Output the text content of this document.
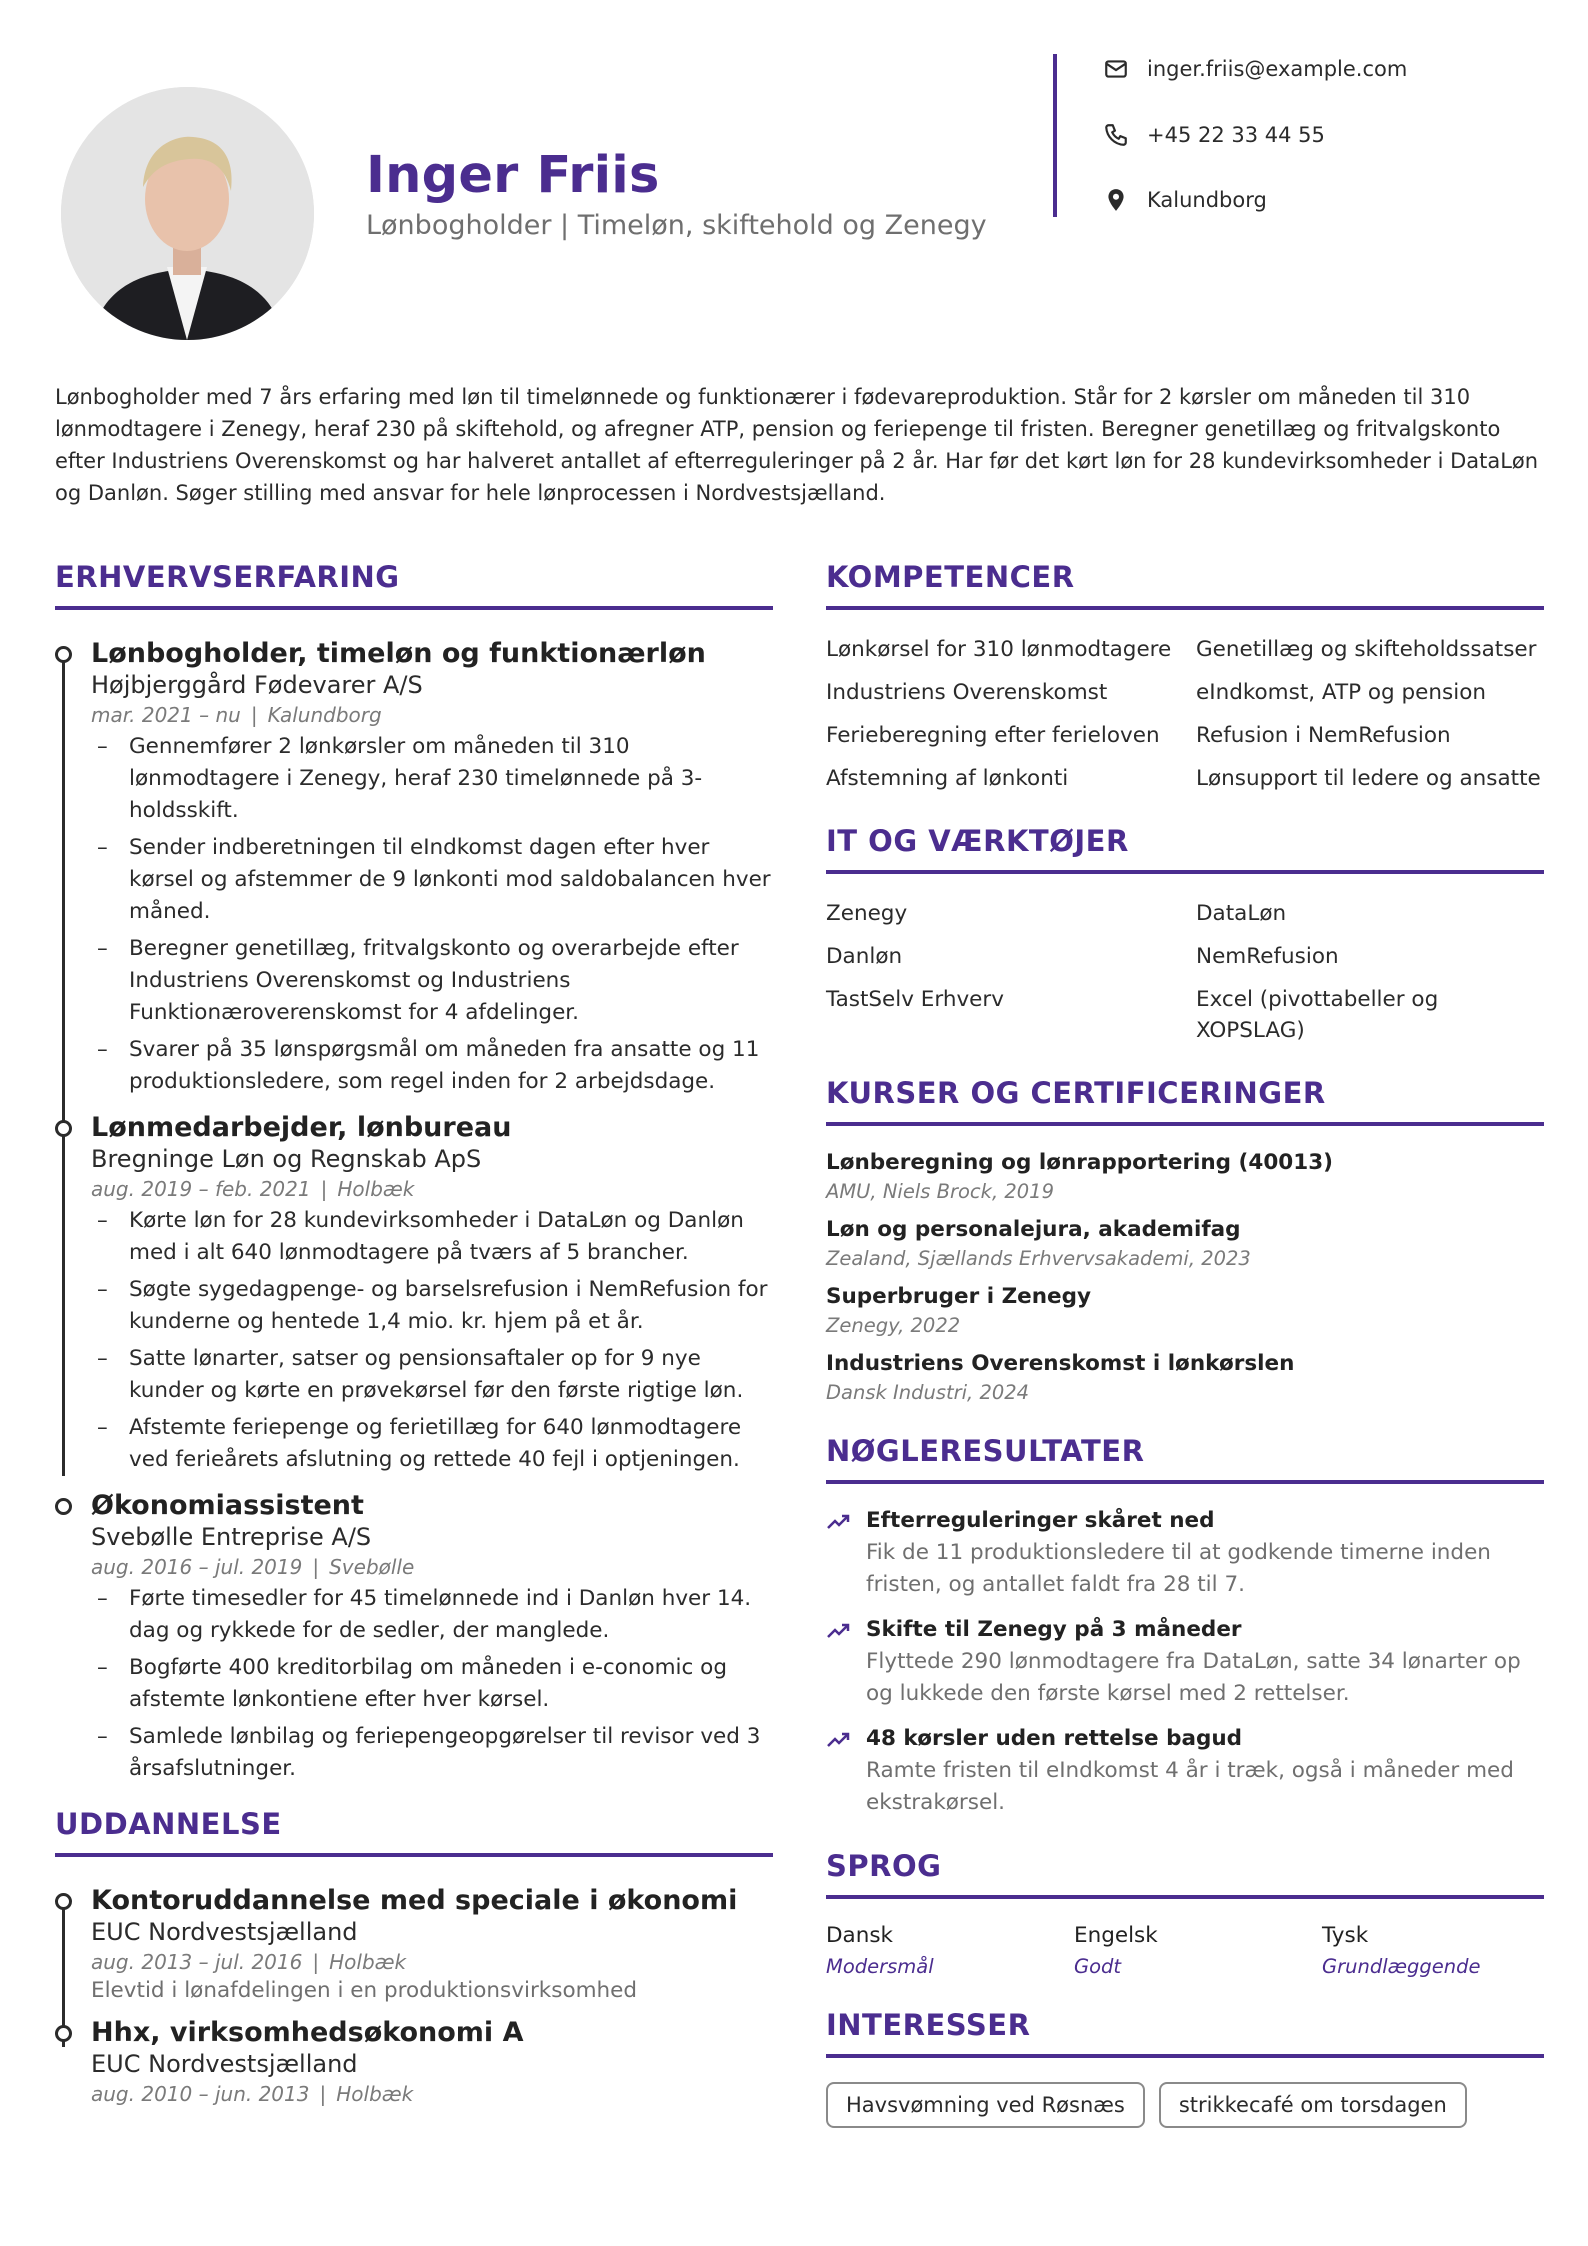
Inger Friis
Lønbogholder | Timeløn, skiftehold og Zenegy
inger.friis@example.com
+45 22 33 44 55
Kalundborg
Lønbogholder med 7 års erfaring med løn til timelønnede og funktionærer i fødevareproduktion. Står for 2 kørsler om måneden til 310 lønmodtagere i Zenegy, heraf 230 på skiftehold, og afregner ATP, pension og feriepenge til fristen. Beregner genetillæg og fritvalgskonto efter Industriens Overenskomst og har halveret antallet af efterreguleringer på 2 år. Har før det kørt løn for 28 kundevirksomheder i DataLøn og Danløn. Søger stilling med ansvar for hele lønprocessen i Nordvestsjælland.
ERHVERVSERFARING
Lønbogholder, timeløn og funktionærløn
Højbjerggård Fødevarer A/S
mar. 2021 – nu | Kalundborg
– Gennemfører 2 lønkørsler om måneden til 310 lønmodtagere i Zenegy, heraf 230 timelønnede på 3-holdsskift.
– Sender indberetningen til eIndkomst dagen efter hver kørsel og afstemmer de 9 lønkonti mod saldobalancen hver måned.
– Beregner genetillæg, fritvalgskonto og overarbejde efter Industriens Overenskomst og Industriens Funktionæroverenskomst for 4 afdelinger.
– Svarer på 35 lønspørgsmål om måneden fra ansatte og 11 produktionsledere, som regel inden for 2 arbejdsdage.
Lønmedarbejder, lønbureau
Bregninge Løn og Regnskab ApS
aug. 2019 – feb. 2021 | Holbæk
– Kørte løn for 28 kundevirksomheder i DataLøn og Danløn med i alt 640 lønmodtagere på tværs af 5 brancher.
– Søgte sygedagpenge- og barselsrefusion i NemRefusion for kunderne og hentede 1,4 mio. kr. hjem på et år.
– Satte lønarter, satser og pensionsaftaler op for 9 nye kunder og kørte en prøvekørsel før den første rigtige løn.
– Afstemte feriepenge og ferietillæg for 640 lønmodtagere ved ferieårets afslutning og rettede 40 fejl i optjeningen.
Økonomiassistent
Svebølle Entreprise A/S
aug. 2016 – jul. 2019 | Svebølle
– Førte timesedler for 45 timelønnede ind i Danløn hver 14. dag og rykkede for de sedler, der manglede.
– Bogførte 400 kreditorbilag om måneden i e-conomic og afstemte lønkontiene efter hver kørsel.
– Samlede lønbilag og feriepengeopgørelser til revisor ved 3 årsafslutninger.
UDDANNELSE
Kontoruddannelse med speciale i økonomi
EUC Nordvestsjælland
aug. 2013 – jul. 2016 | Holbæk
Elevtid i lønafdelingen i en produktionsvirksomhed
Hhx, virksomhedsøkonomi A
EUC Nordvestsjælland
aug. 2010 – jun. 2013 | Holbæk
KOMPETENCER
Lønkørsel for 310 lønmodtagere	Genetillæg og skifteholdssatser
Industriens Overenskomst	eIndkomst, ATP og pension
Ferieberegning efter ferieloven	Refusion i NemRefusion
Afstemning af lønkonti	Lønsupport til ledere og ansatte
IT OG VÆRKTØJER
Zenegy	DataLøn
Danløn	NemRefusion
TastSelv Erhverv	Excel (pivottabeller og XOPSLAG)
KURSER OG CERTIFICERINGER
Lønberegning og lønrapportering (40013)
AMU, Niels Brock, 2019
Løn og personalejura, akademifag
Zealand, Sjællands Erhvervsakademi, 2023
Superbruger i Zenegy
Zenegy, 2022
Industriens Overenskomst i lønkørslen
Dansk Industri, 2024
NØGLERESULTATER
Efterreguleringer skåret ned
Fik de 11 produktionsledere til at godkende timerne inden fristen, og antallet faldt fra 28 til 7.
Skifte til Zenegy på 3 måneder
Flyttede 290 lønmodtagere fra DataLøn, satte 34 lønarter op og lukkede den første kørsel med 2 rettelser.
48 kørsler uden rettelse bagud
Ramte fristen til eIndkomst 4 år i træk, også i måneder med ekstrakørsel.
SPROG
Dansk
Modersmål
Engelsk
Godt
Tysk
Grundlæggende
INTERESSER
Havsvømning ved Røsnæs	strikkecafé om torsdagen
